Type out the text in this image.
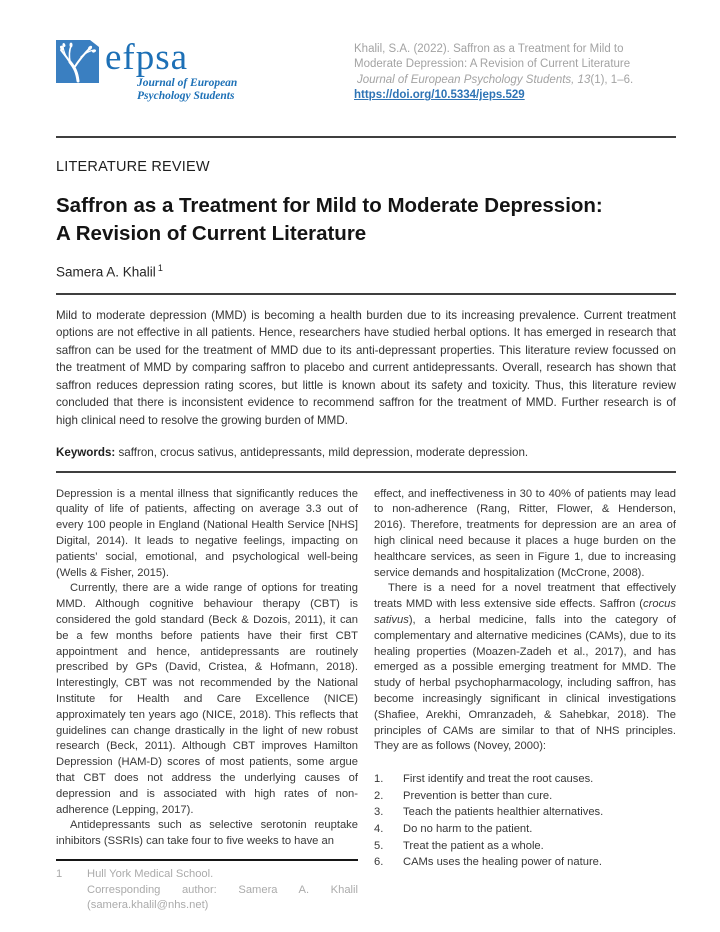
efpsa
Journal of European
Psychology Students
Khalil, S.A. (2022). Saffron as a Treatment for Mild to
Moderate Depression: A Revision of Current Literature
Journal of European Psychology Students, 13(1), 1–6.
https://doi.org/10.5334/jeps.529
LITERATURE REVIEW
Saffron as a Treatment for Mild to Moderate Depression:
A Revision of Current Literature
Samera A. Khalil $^1$

Mild to moderate depression (MMD) is becoming a health burden due to its increasing prevalence. Current treatment options are not effective in all patients. Hence, researchers have studied herbal options. It has emerged in research that saffron can be used for the treatment of MMD due to its anti-depressant properties. This literature review focussed on the treatment of MMD by comparing saffron to placebo and current antidepressants. Overall, research has shown that saffron reduces depression rating scores, but little is known about its safety and toxicity. Thus, this literature review concluded that there is inconsistent evidence to recommend saffron for the treatment of MMD. Further research is of high clinical need to resolve the growing burden of MMD.

Keywords: saffron, crocus sativus, antidepressants, mild depression, moderate depression.

Depression is a mental illness that significantly reduces the quality of life of patients, affecting on average 3.3 out of every 100 people in England (National Health Service [NHS] Digital, 2014). It leads to negative feelings, impacting on patients’ social, emotional, and psychological well-being (Wells & Fisher, 2015).

Currently, there are a wide range of options for treating MMD. Although cognitive behaviour therapy (CBT) is considered the gold standard (Beck & Dozois, 2011), it can be a few months before patients have their first CBT appointment and hence, antidepressants are routinely prescribed by GPs (David, Cristea, & Hofmann, 2018). Interestingly, CBT was not recommended by the National Institute for Health and Care Excellence (NICE) approximately ten years ago (NICE, 2018). This reflects that guidelines can change drastically in the light of new robust research (Beck, 2011). Although CBT improves Hamilton Depression (HAM-D) scores of most patients, some argue that CBT does not address the underlying causes of depression and is associated with high rates of non-adherence (Lepping, 2017).

Antidepressants such as selective serotonin reuptake inhibitors (SSRIs) can take four to five weeks to have an

1	Hull York Medical School.
Corresponding author: Samera A. Khalil (samera.khalil@nhs.net)

effect, and ineffectiveness in 30 to 40% of patients may lead to non-adherence (Rang, Ritter, Flower, & Henderson, 2016). Therefore, treatments for depression are an area of high clinical need because it places a huge burden on the healthcare services, as seen in Figure 1, due to increasing service demands and hospitalization (McCrone, 2008).

There is a need for a novel treatment that effectively treats MMD with less extensive side effects. Saffron (crocus sativus), a herbal medicine, falls into the category of complementary and alternative medicines (CAMs), due to its healing properties (Moazen-Zadeh et al., 2017), and has emerged as a possible emerging treatment for MMD. The study of herbal psychopharmacology, including saffron, has become increasingly significant in clinical investigations (Shafiee, Arekhi, Omranzadeh, & Sahebkar, 2018). The principles of CAMs are similar to that of NHS principles. They are as follows (Novey, 2000):

1.	First identify and treat the root causes.
2.	Prevention is better than cure.
3.	Teach the patients healthier alternatives.
4.	Do no harm to the patient.
5.	Treat the patient as a whole.
6.	CAMs uses the healing power of nature.
